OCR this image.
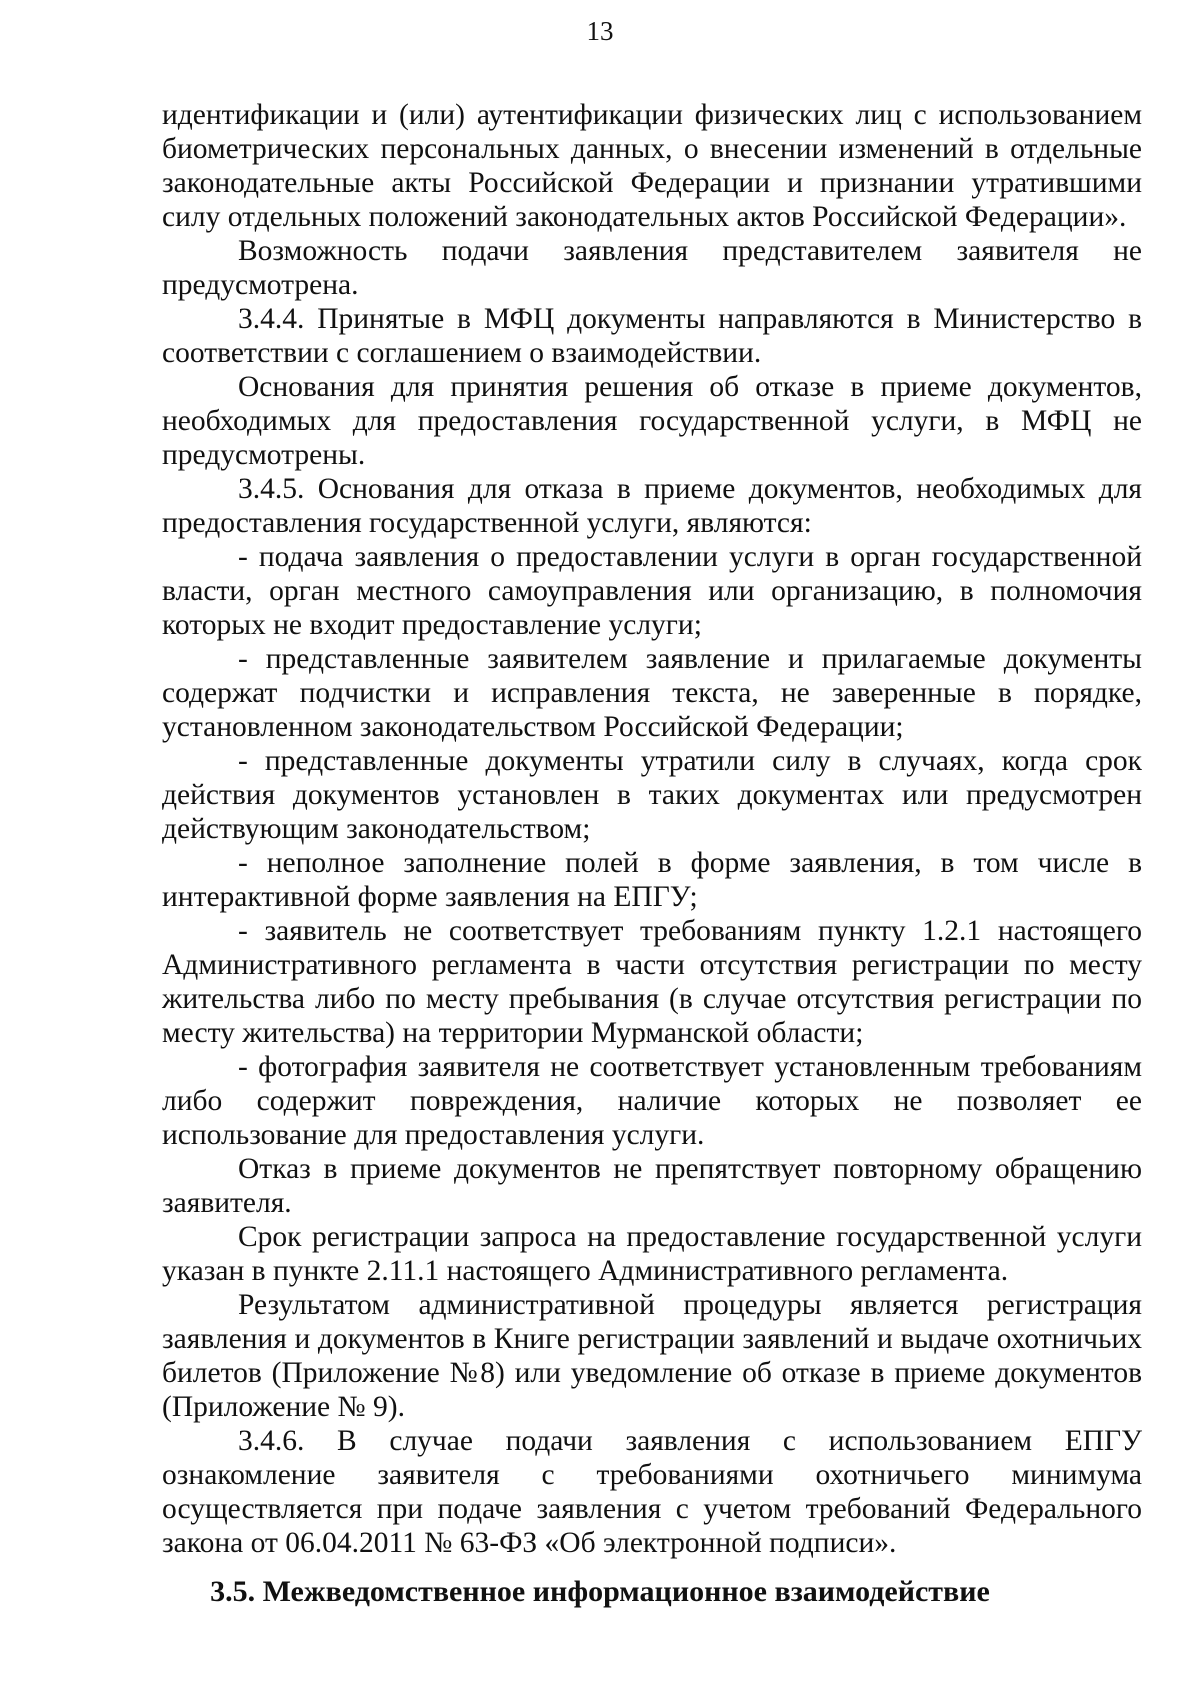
13

идентификации и (или) аутентификации физических лиц с использованием биометрических персональных данных, о внесении изменений в отдельные законодательные акты Российской Федерации и признании утратившими силу отдельных положений законодательных актов Российской Федерации».

Возможность подачи заявления представителем заявителя не предусмотрена.

3.4.4. Принятые в МФЦ документы направляются в Министерство в соответствии с соглашением о взаимодействии.

Основания для принятия решения об отказе в приеме документов, необходимых для предоставления государственной услуги, в МФЦ не предусмотрены.

3.4.5. Основания для отказа в приеме документов, необходимых для предоставления государственной услуги, являются:

- подача заявления о предоставлении услуги в орган государственной власти, орган местного самоуправления или организацию, в полномочия которых не входит предоставление услуги;

- представленные заявителем заявление и прилагаемые документы содержат подчистки и исправления текста, не заверенные в порядке, установленном законодательством Российской Федерации;

- представленные документы утратили силу в случаях, когда срок действия документов установлен в таких документах или предусмотрен действующим законодательством;

- неполное заполнение полей в форме заявления, в том числе в интерактивной форме заявления на ЕПГУ;

- заявитель не соответствует требованиям пункту 1.2.1 настоящего Административного регламента в части отсутствия регистрации по месту жительства либо по месту пребывания (в случае отсутствия регистрации по месту жительства) на территории Мурманской области;

- фотография заявителя не соответствует установленным требованиям либо содержит повреждения, наличие которых не позволяет ее использование для предоставления услуги.

Отказ в приеме документов не препятствует повторному обращению заявителя.

Срок регистрации запроса на предоставление государственной услуги указан в пункте 2.11.1 настоящего Административного регламента.

Результатом административной процедуры является регистрация заявления и документов в Книге регистрации заявлений и выдаче охотничьих билетов (Приложение №8) или уведомление об отказе в приеме документов (Приложение № 9).

3.4.6. В случае подачи заявления с использованием ЕПГУ ознакомление заявителя с требованиями охотничьего минимума осуществляется при подаче заявления с учетом требований Федерального закона от 06.04.2011 № 63-ФЗ «Об электронной подписи».

3.5. Межведомственное информационное взаимодействие
